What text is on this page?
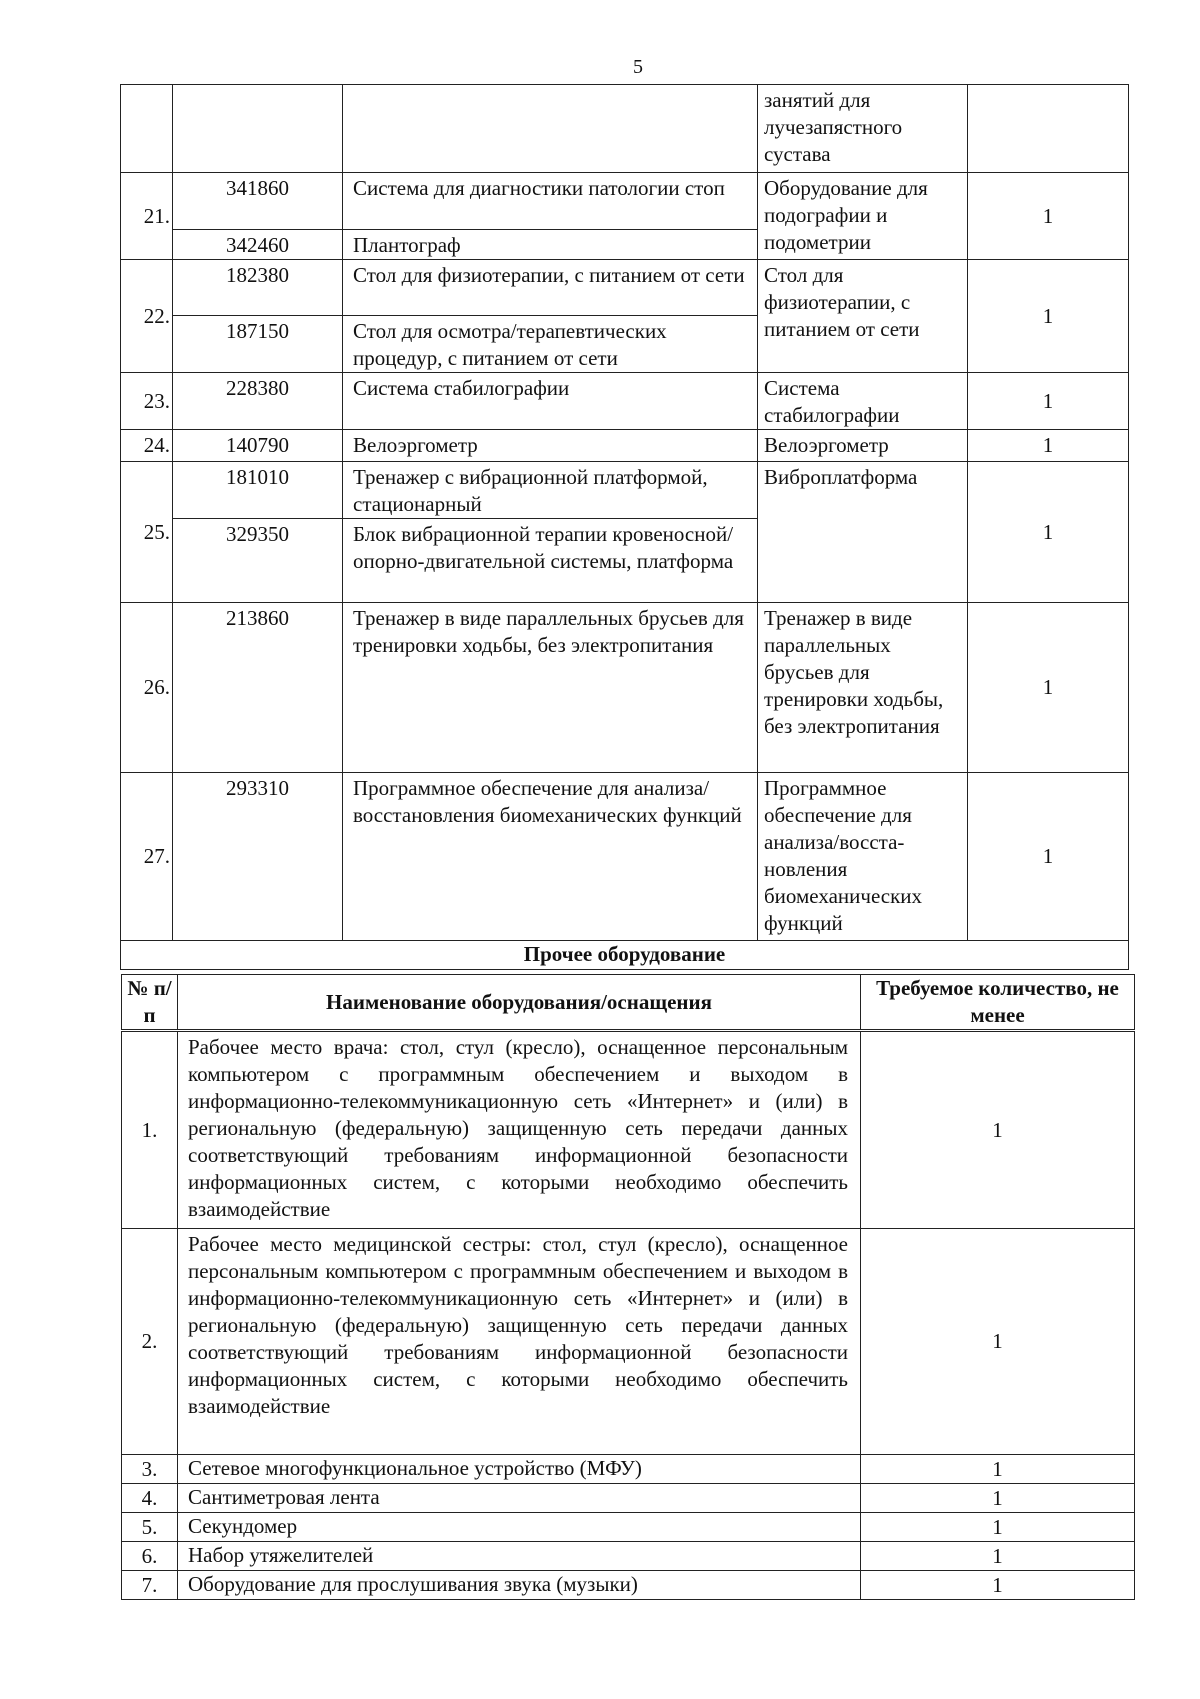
5
			занятий для лучезапястного сустава	
21.	341860	Система для диагностики патологии стоп	Оборудование для подографии и подометрии	1
	342460	Плантограф		
22.	182380	Стол для физиотерапии, с питанием от сети	Стол для физиотерапии, с питанием от сети	1
	187150	Стол для осмотра/терапевтических процедур, с питанием от сети		
23.	228380	Система стабилографии	Система стабилографии	1
24.	140790	Велоэргометр	Велоэргометр	1
25.	181010	Тренажер с вибрационной платформой, стационарный	Виброплатформа	1
	329350	Блок вибрационной терапии кровеносной/опорно-двигательной системы, платформа		
26.	213860	Тренажер в виде параллельных брусьев для тренировки ходьбы, без электропитания	Тренажер в виде параллельных брусьев для тренировки ходьбы, без электропитания	1
27.	293310	Программное обеспечение для анализа/восстановления биомеханических функций	Программное обеспечение для анализа/восста-новления биомеханических функций	1
Прочее оборудование				
№ п/п	Наименование оборудования/оснащения	Требуемое количество, не менее
1.	Рабочее место врача: стол, стул (кресло), оснащенное персональным компьютером с программным обеспечением и выходом в информационно-телекоммуникационную сеть «Интернет» и (или) в региональную (федеральную) защищенную сеть передачи данных соответствующий требованиям информационной безопасности информационных систем, с которыми необходимо обеспечить взаимодействие	1
2.	Рабочее место медицинской сестры: стол, стул (кресло), оснащенное персональным компьютером с программным обеспечением и выходом в информационно-телекоммуникационную сеть «Интернет» и (или) в региональную (федеральную) защищенную сеть передачи данных соответствующий требованиям информационной безопасности информационных систем, с которыми необходимо обеспечить взаимодействие	1
3.	Сетевое многофункциональное устройство (МФУ)	1
4.	Сантиметровая лента	1
5.	Секундомер	1
6.	Набор утяжелителей	1
7.	Оборудование для прослушивания звука (музыки)	1
